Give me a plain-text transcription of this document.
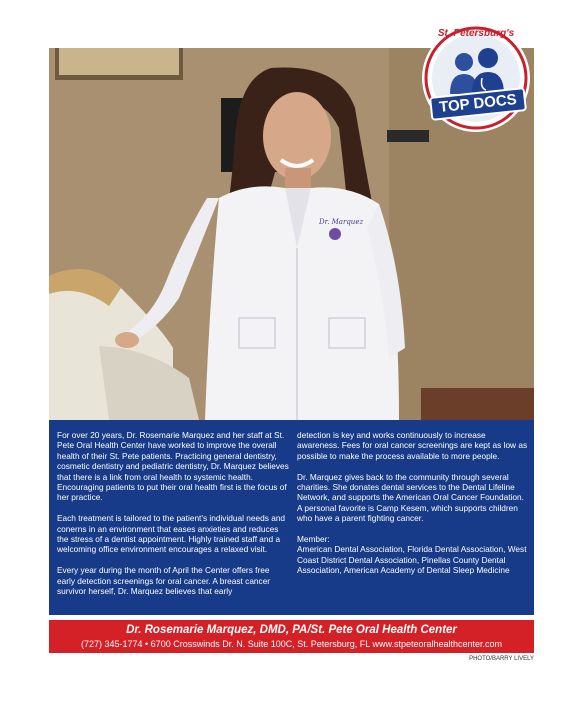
Dr. Marquez
St. Petersburg's
TOP DOCS

For over 20 years, Dr. Rosemarie Marquez and her staff at St. Pete Oral Health Center have worked to improve the overall health of their St. Pete patients. Practicing general dentistry, cosmetic dentistry and pediatric dentistry, Dr. Marquez believes that there is a link from oral health to systemic health. Encouraging patients to put their oral health first is the focus of her practice.

Each treatment is tailored to the patient's individual needs and conerns in an environment that eases anxieties and reduces the stress of a dentist appointment. Highly trained staff and a welcoming office environment encourages a relaxed visit.

Every year during the month of April the Center offers free early detection screenings for oral cancer. A breast cancer survivor herself, Dr. Marquez believes that early

detection is key and works continuously to increase awareness. Fees for oral cancer screenings are kept as low as possible to make the process available to more people.

Dr. Marquez gives back to the community through several charities. She donates dental services to the Dental Lifeline Network, and supports the American Oral Cancer Foundation. A personal favorite is Camp Kesem, which supports children who have a parent fighting cancer.

Member:
American Dental Association, Florida Dental Association, West Coast District Dental Association, Pinellas County Dental Association, American Academy of Dental Sleep Medicine
Dr. Rosemarie Marquez, DMD, PA/St. Pete Oral Health Center
(727) 345-1774 • 6700 Crosswinds Dr. N. Suite 100C, St. Petersburg, FL www.stpeteoralhealthcenter.com
PHOTO/BARRY LIVELY
